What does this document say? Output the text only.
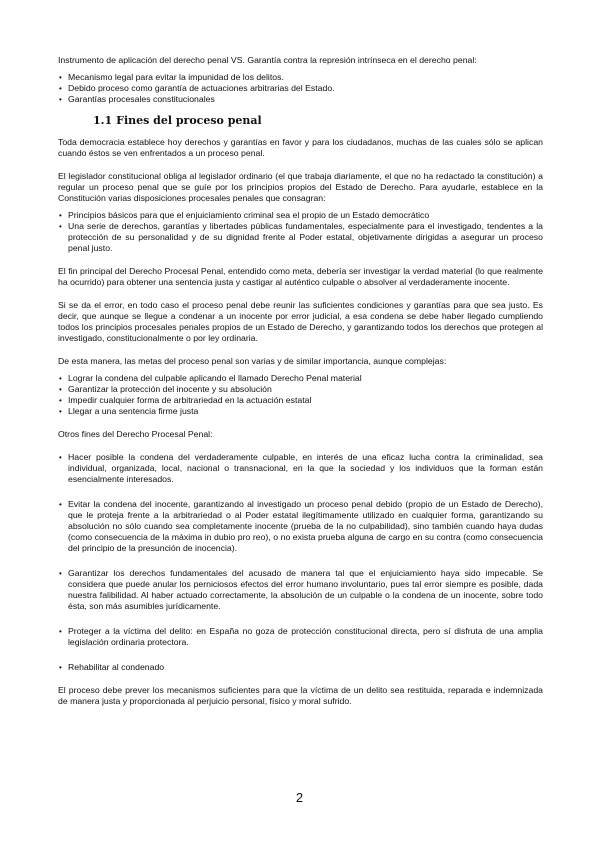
Instrumento de aplicación del derecho penal VS. Garantía contra la represión intrínseca en el derecho penal:

• Mecanismo legal para evitar la impunidad de los delitos.
• Debido proceso como garantía de actuaciones arbitrarias del Estado.
• Garantías procesales constitucionales
1.1 Fines del proceso penal

Toda democracia establece hoy derechos y garantías en favor y para los ciudadanos, muchas de las cuales sólo se aplican cuando éstos se ven enfrentados a un proceso penal.

El legislador constitucional obliga al legislador ordinario (el que trabaja diariamente, el que no ha redactado la constitución) a regular un proceso penal que se guíe por los principios propios del Estado de Derecho. Para ayudarle, establece en la Constitución varias disposiciones procesales penales que consagran:

• Principios básicos para que el enjuiciamiento criminal sea el propio de un Estado democrático
• Una serie de derechos, garantías y libertades públicas fundamentales, especialmente para el investigado, tendentes a la protección de su personalidad y de su dignidad frente al Poder estatal, objetivamente dirigidas a asegurar un proceso penal justo.

El fin principal del Derecho Procesal Penal, entendido como meta, debería ser investigar la verdad material (lo que realmente ha ocurrido) para obtener una sentencia justa y castigar al auténtico culpable o absolver al verdaderamente inocente.

Si se da el error, en todo caso el proceso penal debe reunir las suficientes condiciones y garantías para que sea justo. Es decir, que aunque se llegue a condenar a un inocente por error judicial, a esa condena se debe haber llegado cumpliendo todos los principios procesales penales propios de un Estado de Derecho, y garantizando todos los derechos que protegen al investigado, constitucionalmente o por ley ordinaria.

De esta manera, las metas del proceso penal son varias y de similar importancia, aunque complejas:

• Lograr la condena del culpable aplicando el llamado Derecho Penal material
• Garantizar la protección del inocente y su absolución
• Impedir cualquier forma de arbitrariedad en la actuación estatal
• Llegar a una sentencia firme justa

Otros fines del Derecho Procesal Penal:

• Hacer posible la condena del verdaderamente culpable, en interés de una eficaz lucha contra la criminalidad, sea individual, organizada, local, nacional o transnacional, en la que la sociedad y los individuos que la forman están esencialmente interesados.
• Evitar la condena del inocente, garantizando al investigado un proceso penal debido (propio de un Estado de Derecho), que le proteja frente a la arbitrariedad o al Poder estatal ilegítimamente utilizado en cualquier forma, garantizando su absolución no sólo cuando sea completamente inocente (prueba de la no culpabilidad), sino también cuando haya dudas (como consecuencia de la máxima in dubio pro reo), o no exista prueba alguna de cargo en su contra (como consecuencia del principio de la presunción de inocencia).
• Garantizar los derechos fundamentales del acusado de manera tal que el enjuiciamiento haya sido impecable. Se considera que puede anular los perniciosos efectos del error humano involuntario, pues tal error siempre es posible, dada nuestra falibilidad. Al haber actuado correctamente, la absolución de un culpable o la condena de un inocente, sobre todo ésta, son más asumibles jurídicamente.
• Proteger a la víctima del delito: en España no goza de protección constitucional directa, pero sí disfruta de una amplia legislación ordinaria protectora.
• Rehabilitar al condenado

El proceso debe prever los mecanismos suficientes para que la víctima de un delito sea restituida, reparada e indemnizada de manera justa y proporcionada al perjuicio personal, físico y moral sufrido.

2
